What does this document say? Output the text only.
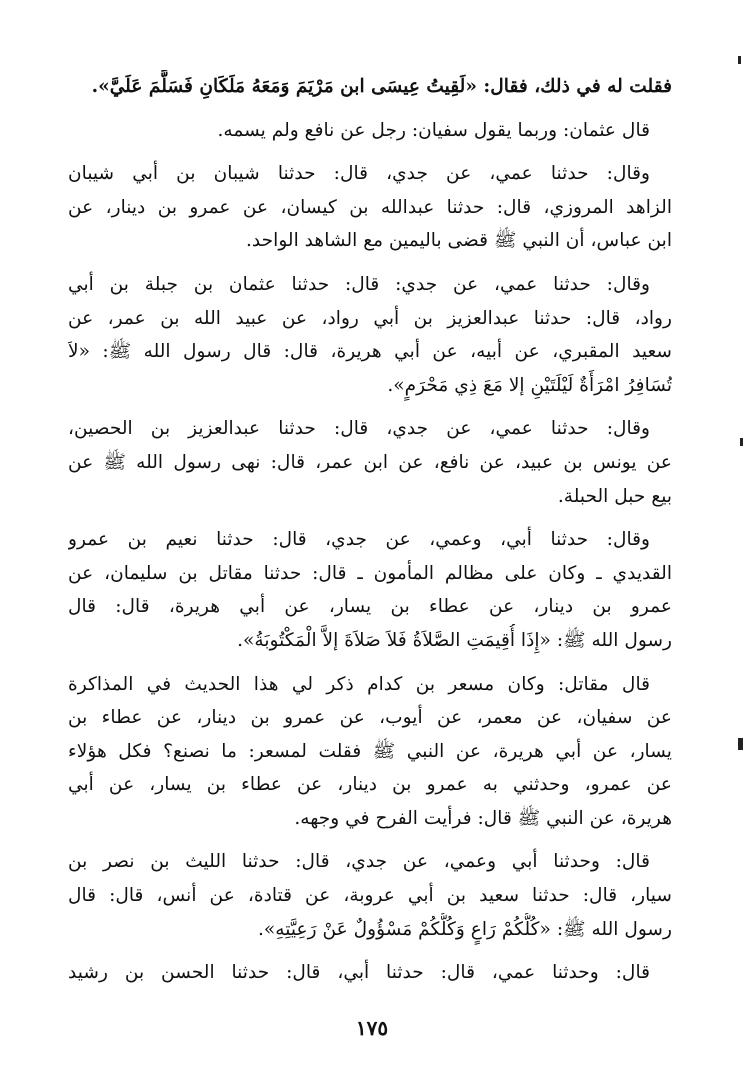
فقلت له في ذلك، فقال: «لَقِيتُ عِيسَى ابن مَرْيَمَ وَمَعَهُ مَلَكَانِ فَسَلَّمَ عَلَيَّ».
قال عثمان: وربما يقول سفيان: رجل عن نافع ولم يسمه.
وقال: حدثنا عمي، عن جدي، قال: حدثنا شيبان بن أبي شيبان
الزاهد المروزي، قال: حدثنا عبدالله بن كيسان، عن عمرو بن دينار، عن
ابن عباس، أن النبي ﷺ قضى باليمين مع الشاهد الواحد.
وقال: حدثنا عمي، عن جدي: قال: حدثنا عثمان بن جبلة بن أبي
رواد، قال: حدثنا عبدالعزيز بن أبي رواد، عن عبيد الله بن عمر، عن
سعيد المقبري، عن أبيه، عن أبي هريرة، قال: قال رسول الله ﷺ: «لاَ
تُسَافِرُ امْرَأَةٌ لَيْلَتَيْنِ إلا مَعَ ذِي مَحْرَمٍ».
وقال: حدثنا عمي، عن جدي، قال: حدثنا عبدالعزيز بن الحصين،
عن يونس بن عبيد، عن نافع، عن ابن عمر، قال: نهى رسول الله ﷺ عن
بيع حبل الحبلة.
وقال: حدثنا أبي، وعمي، عن جدي، قال: حدثنا نعيم بن عمرو
القديدي ـ وكان على مظالم المأمون ـ قال: حدثنا مقاتل بن سليمان، عن
عمرو بن دينار، عن عطاء بن يسار، عن أبي هريرة، قال: قال
رسول الله ﷺ: «إِذَا أُقِيمَتِ الصَّلاَةُ فَلاَ صَلاَةَ إلاَّ الْمَكْتُوبَةُ».
قال مقاتل: وكان مسعر بن كدام ذكر لي هذا الحديث في المذاكرة
عن سفيان، عن معمر، عن أيوب، عن عمرو بن دينار، عن عطاء بن
يسار، عن أبي هريرة، عن النبي ﷺ فقلت لمسعر: ما نصنع؟ فكل هؤلاء
عن عمرو، وحدثني به عمرو بن دينار، عن عطاء بن يسار، عن أبي
هريرة، عن النبي ﷺ قال: فرأيت الفرح في وجهه.
قال: وحدثنا أبي وعمي، عن جدي، قال: حدثنا الليث بن نصر بن
سيار، قال: حدثنا سعيد بن أبي عروبة، عن قتادة، عن أنس، قال: قال
رسول الله ﷺ: «كُلُّكُمْ رَاعٍ وَكُلُّكُمْ مَسْؤُولٌ عَنْ رَعِيَّتِهِ».
قال: وحدثنا عمي، قال: حدثنا أبي، قال: حدثنا الحسن بن رشيد
١٧٥
